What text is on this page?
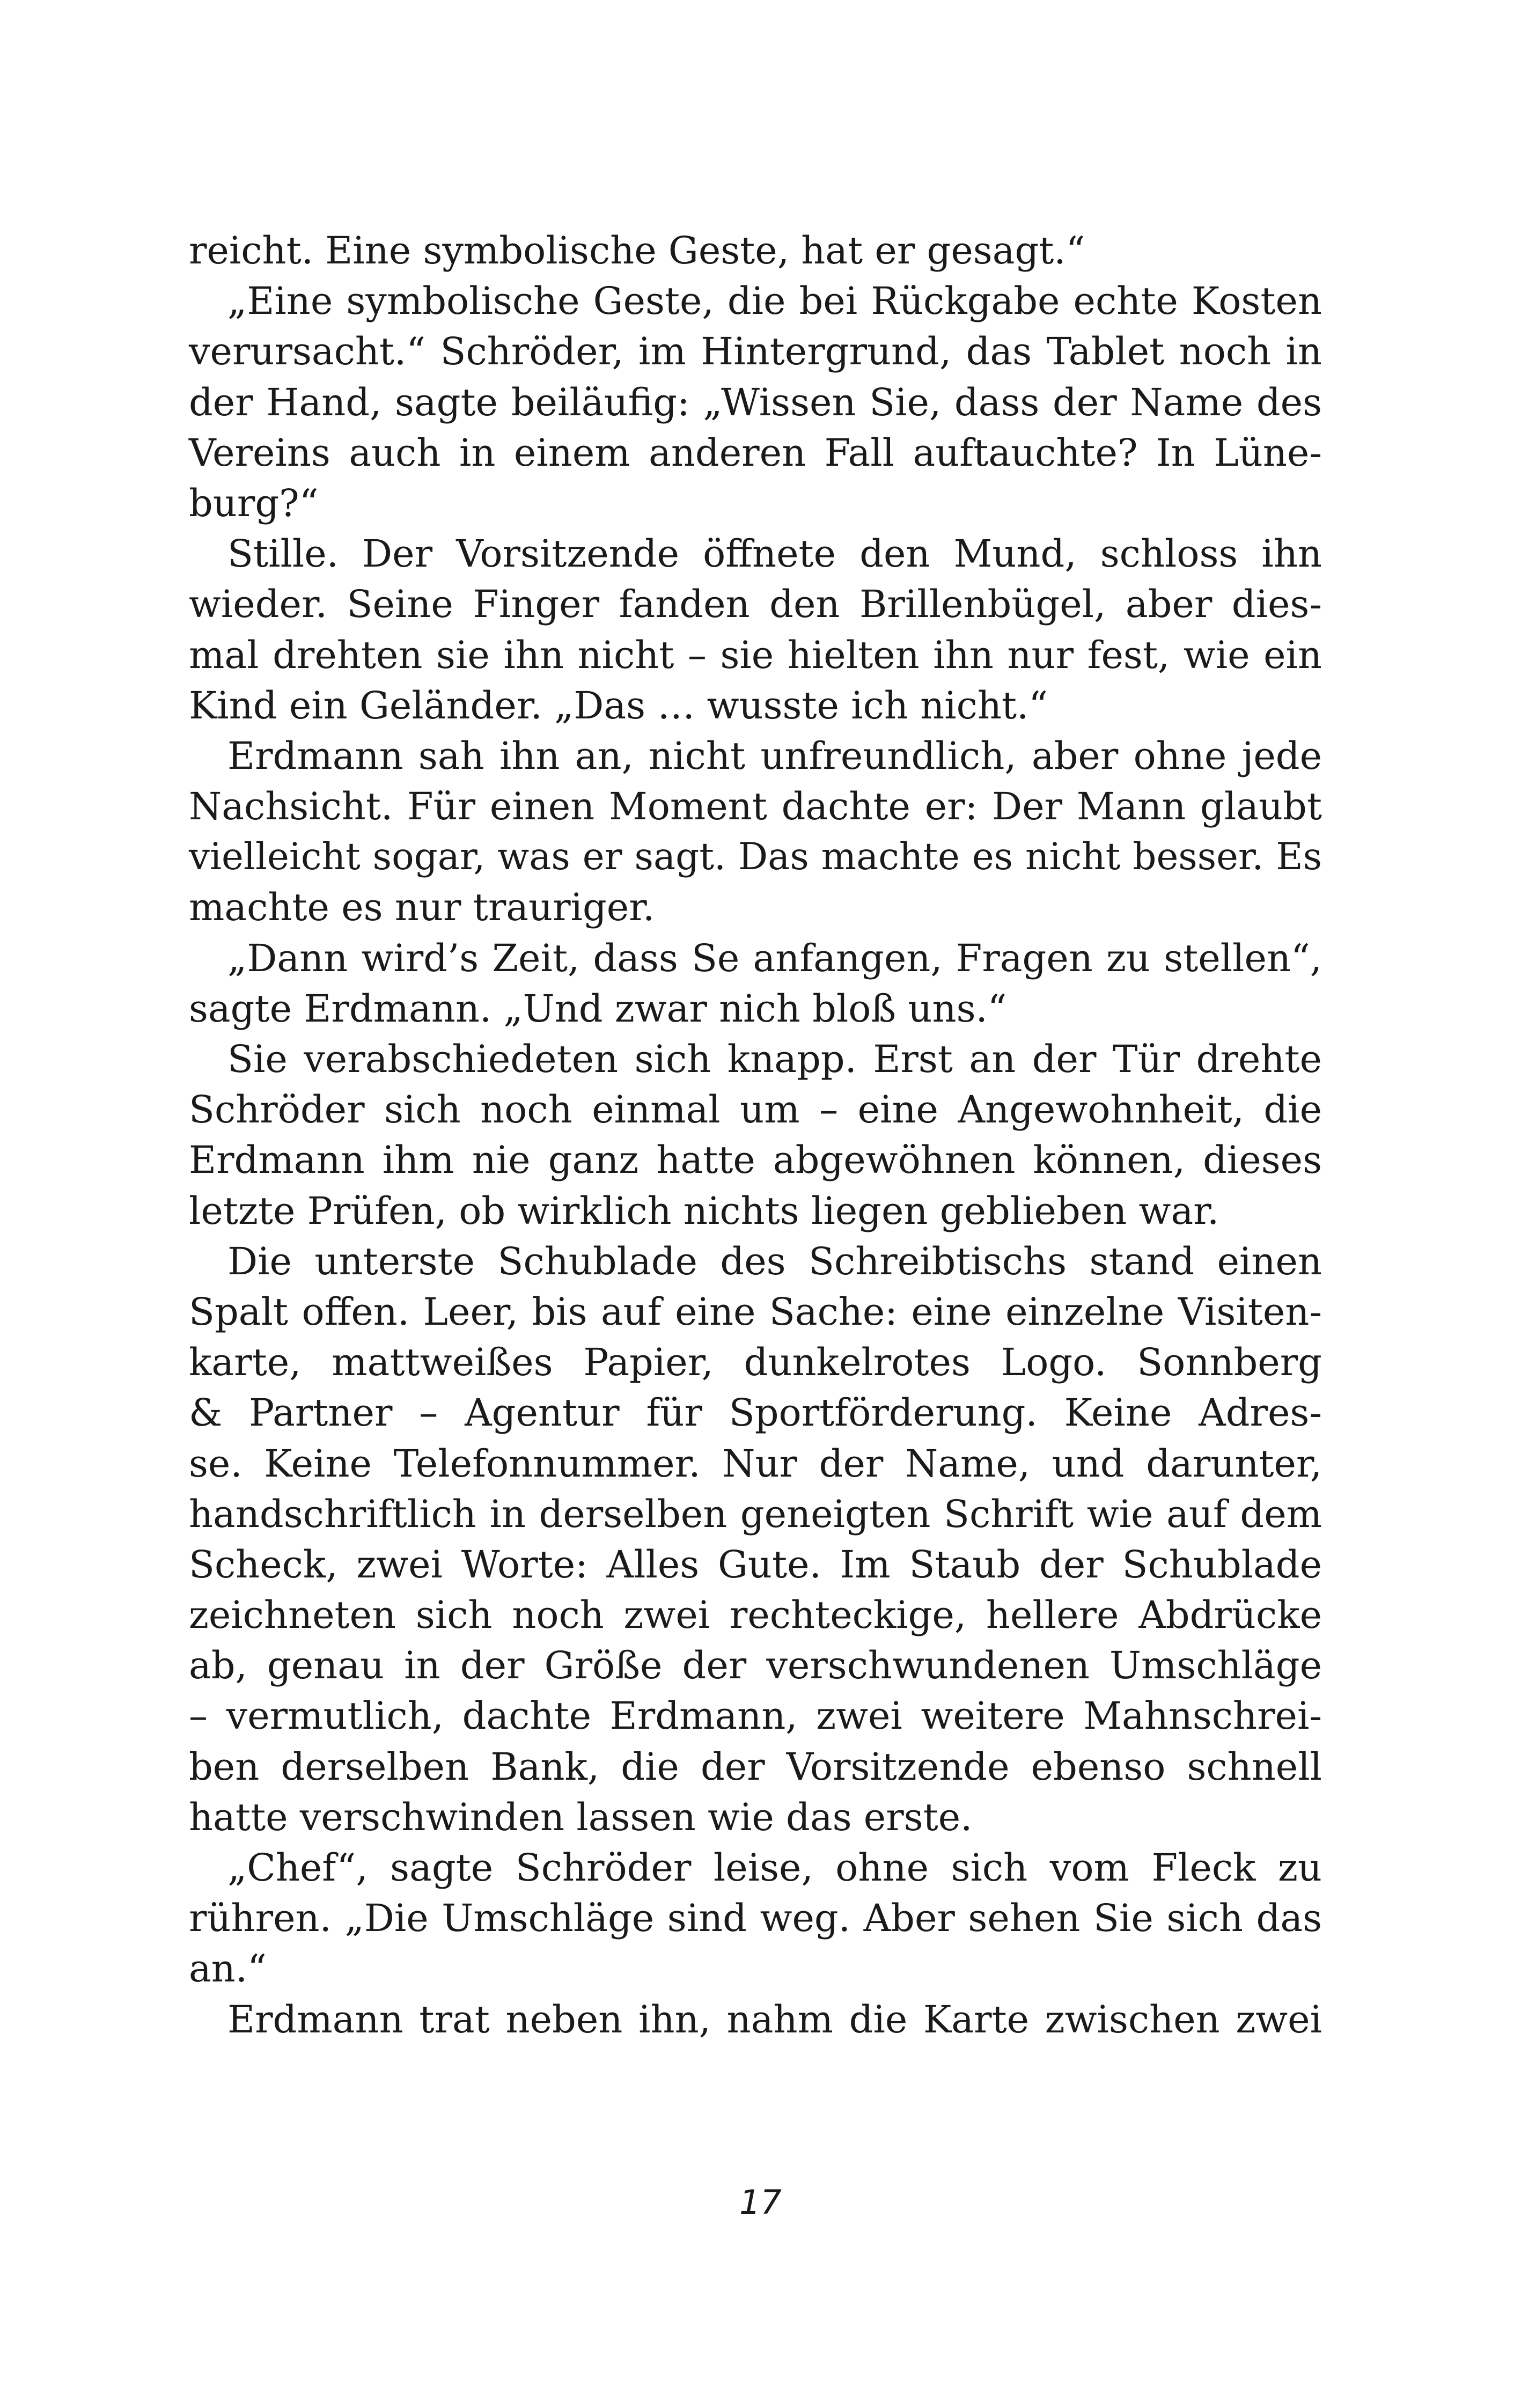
reicht. Eine symbolische Geste, hat er gesagt.“
„Eine symbolische Geste, die bei Rückgabe echte Kosten
verursacht.“ Schröder, im Hintergrund, das Tablet noch in
der Hand, sagte beiläufig: „Wissen Sie, dass der Name des
Vereins auch in einem anderen Fall auftauchte? In Lüne-
burg?“
Stille. Der Vorsitzende öffnete den Mund, schloss ihn
wieder. Seine Finger fanden den Brillenbügel, aber dies-
mal drehten sie ihn nicht – sie hielten ihn nur fest, wie ein
Kind ein Geländer. „Das … wusste ich nicht.“
Erdmann sah ihn an, nicht unfreundlich, aber ohne jede
Nachsicht. Für einen Moment dachte er: Der Mann glaubt
vielleicht sogar, was er sagt. Das machte es nicht besser. Es
machte es nur trauriger.
„Dann wird’s Zeit, dass Se anfangen, Fragen zu stellen“,
sagte Erdmann. „Und zwar nich bloß uns.“
Sie verabschiedeten sich knapp. Erst an der Tür drehte
Schröder sich noch einmal um – eine Angewohnheit, die
Erdmann ihm nie ganz hatte abgewöhnen können, dieses
letzte Prüfen, ob wirklich nichts liegen geblieben war.
Die unterste Schublade des Schreibtischs stand einen
Spalt offen. Leer, bis auf eine Sache: eine einzelne Visiten-
karte, mattweißes Papier, dunkelrotes Logo. Sonnberg
& Partner – Agentur für Sportförderung. Keine Adres-
se. Keine Telefonnummer. Nur der Name, und darunter,
handschriftlich in derselben geneigten Schrift wie auf dem
Scheck, zwei Worte: Alles Gute. Im Staub der Schublade
zeichneten sich noch zwei rechteckige, hellere Abdrücke
ab, genau in der Größe der verschwundenen Umschläge
– vermutlich, dachte Erdmann, zwei weitere Mahnschrei-
ben derselben Bank, die der Vorsitzende ebenso schnell
hatte verschwinden lassen wie das erste.
„Chef“, sagte Schröder leise, ohne sich vom Fleck zu
rühren. „Die Umschläge sind weg. Aber sehen Sie sich das
an.“
Erdmann trat neben ihn, nahm die Karte zwischen zwei
17
